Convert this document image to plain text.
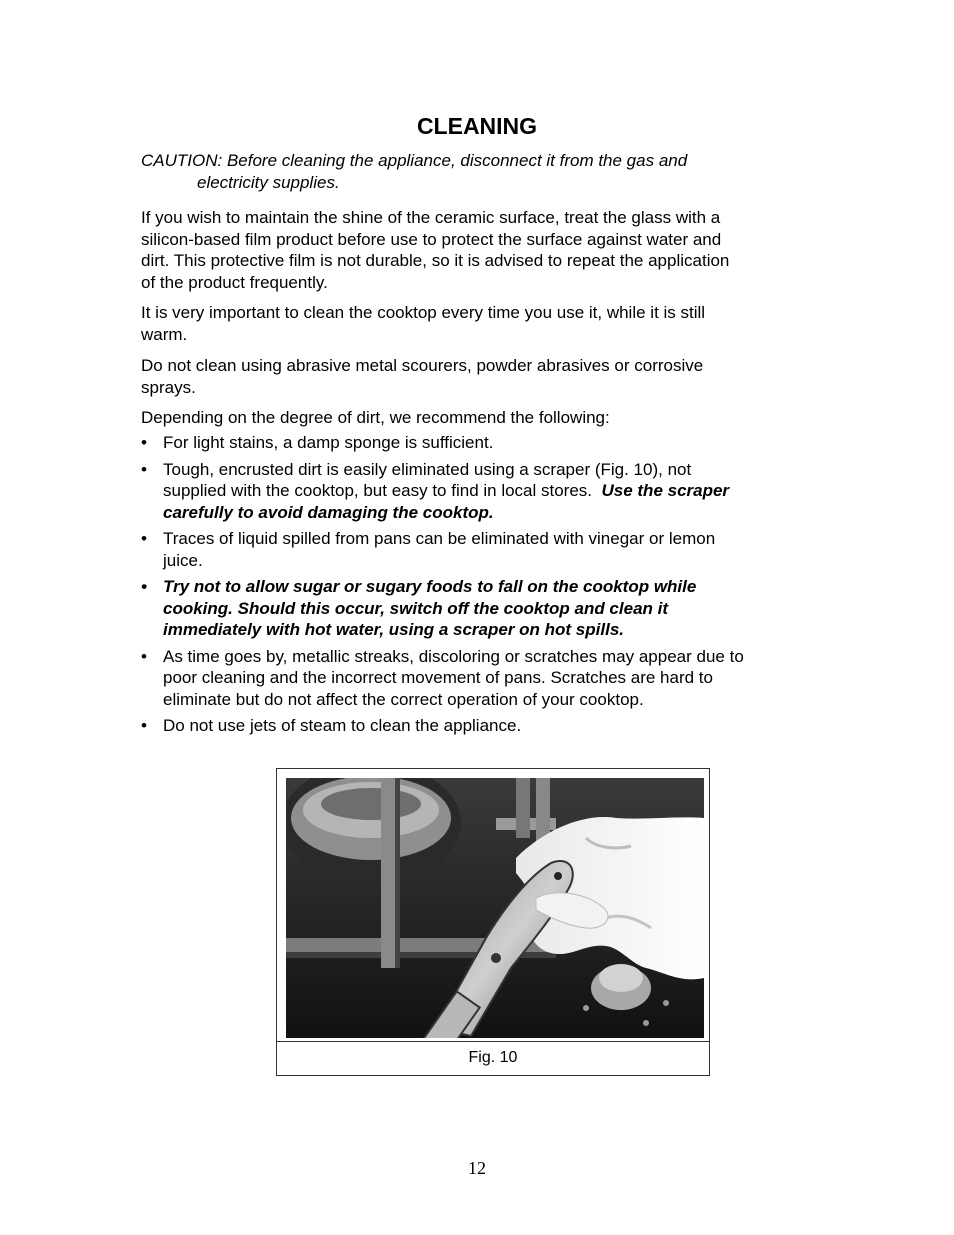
CLEANING
CAUTION: Before cleaning the appliance, disconnect it from the gas and
electricity supplies.

If you wish to maintain the shine of the ceramic surface, treat the glass with a
silicon-based film product before use to protect the surface against water and
dirt. This protective film is not durable, so it is advised to repeat the application
of the product frequently.

It is very important to clean the cooktop every time you use it, while it is still
warm.

Do not clean using abrasive metal scourers, powder abrasives or corrosive
sprays.

Depending on the degree of dirt, we recommend the following:

• For light stains, a damp sponge is sufficient.
• Tough, encrusted dirt is easily eliminated using a scraper (Fig. 10), not
supplied with the cooktop, but easy to find in local stores.  Use the scraper
carefully to avoid damaging the cooktop.
• Traces of liquid spilled from pans can be eliminated with vinegar or lemon
juice.
• Try not to allow sugar or sugary foods to fall on the cooktop while
cooking. Should this occur, switch off the cooktop and clean it
immediately with hot water, using a scraper on hot spills.
• As time goes by, metallic streaks, discoloring or scratches may appear due to
poor cleaning and the incorrect movement of pans. Scratches are hard to
eliminate but do not affect the correct operation of your cooktop.
• Do not use jets of steam to clean the appliance.
Fig. 10
12
